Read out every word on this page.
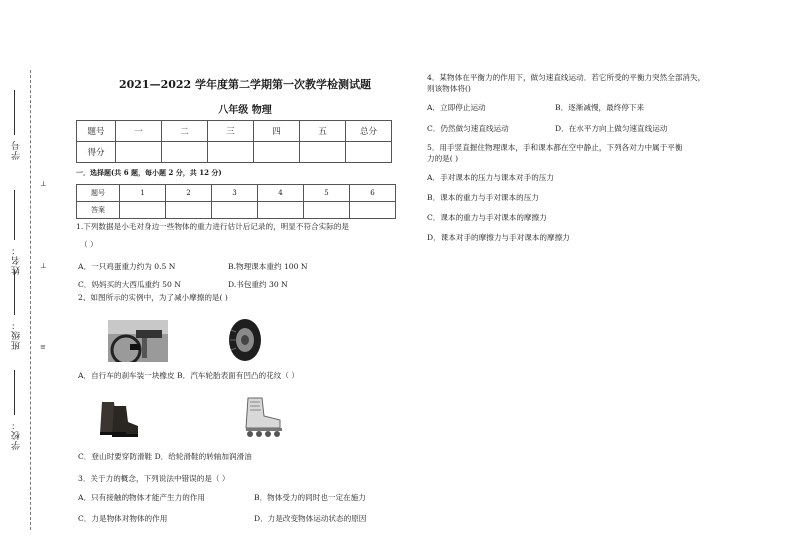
学号
姓名：
班级：
学校：
⊥
⊥
≡
2021—2022 学年度第二学期第一次教学检测试题
八年级 物理
题号	一	二	三	四	五	总分
得分						
一．选择题(共 6 题，每小题 2 分，共 12 分)
题号	1	2	3	4	5	6
答案						
1.下列数据是小毛对身边一些物体的重力进行估计后记录的，明显不符合实际的是
（ ）
A．一只鸡蛋重力约为 0.5 N	B.物理课本重约 100 N
C．妈妈买的大西瓜重约 50 N	D.书包重约 30 N
2、如图所示的实例中，为了减小摩擦的是( )
A．自行车的刹车装一块橡皮 B．汽车轮胎表面有凹凸的花纹（ ）
C．登山时要穿防滑鞋 D．给轮滑鞋的转轴加润滑油
3．关于力的概念，下列说法中错误的是（ ）
A．只有接触的物体才能产生力的作用	B．物体受力的同时也一定在施力
C．力是物体对物体的作用	D．力是改变物体运动状态的原因
4．某物体在平衡力的作用下，做匀速直线运动．若它所受的平衡力突然全部消失，
则该物体将()
A．立即停止运动	B．逐渐减慢，最终停下来
C．仍然做匀速直线运动	D．在水平方向上做匀速直线运动
5．用手竖直握住物理课本，手和课本都在空中静止，下列各对力中属于平衡
力的是( )
A．手对课本的压力与课本对手的压力
B．课本的重力与手对课本的压力
C．课本的重力与手对课本的摩擦力
D．课本对手的摩擦力与手对课本的摩擦力
